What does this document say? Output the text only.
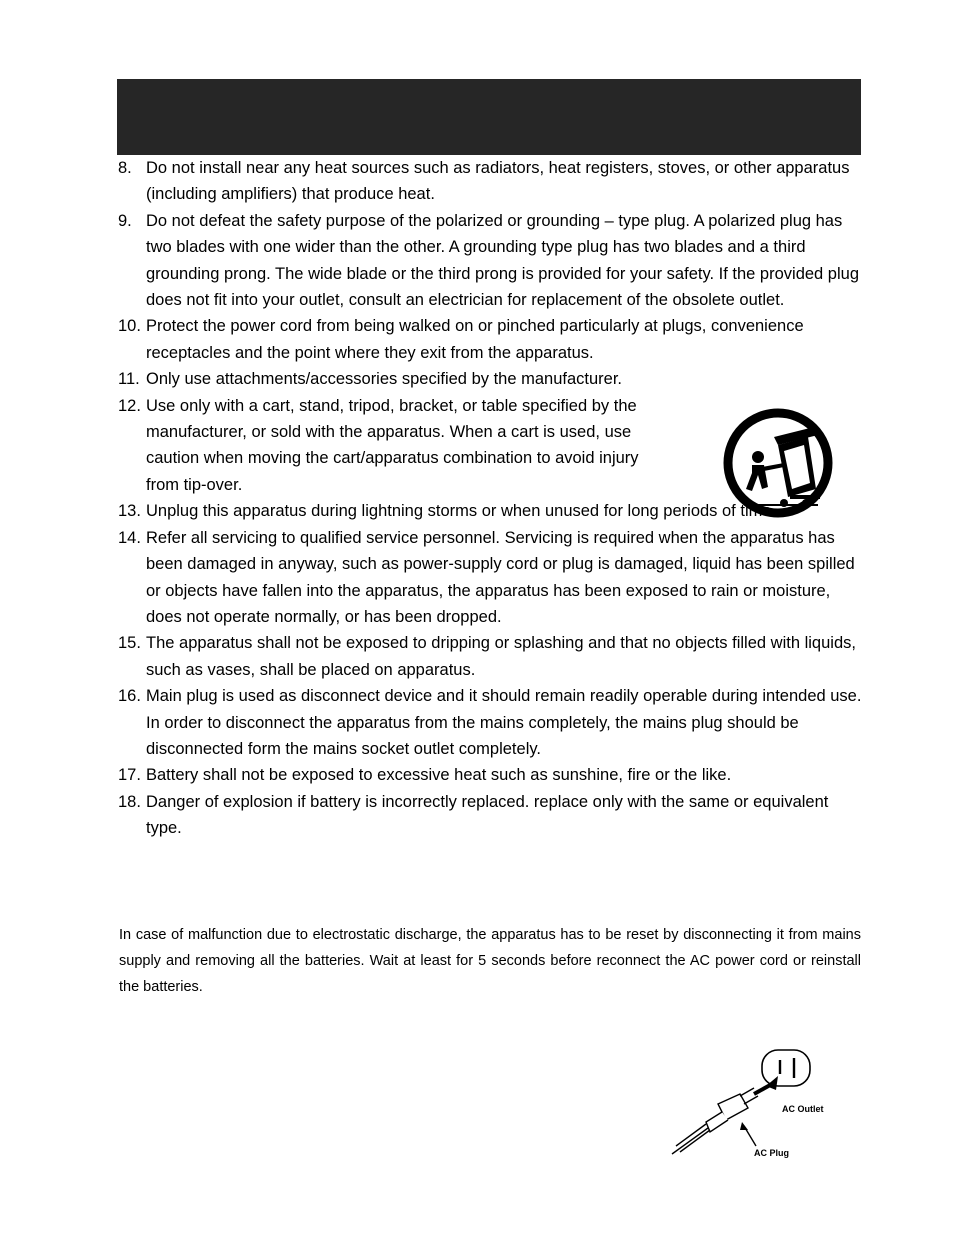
8. Do not install near any heat sources such as radiators, heat registers, stoves, or other apparatus (including amplifiers) that produce heat.
9. Do not defeat the safety purpose of the polarized or grounding – type plug. A polarized plug has two blades with one wider than the other. A grounding type plug has two blades and a third grounding prong. The wide blade or the third prong is provided for your safety. If the provided plug does not fit into your outlet, consult an electrician for replacement of the obsolete outlet.
10. Protect the power cord from being walked on or pinched particularly at plugs, convenience receptacles and the point where they exit from the apparatus.
11. Only use attachments/accessories specified by the manufacturer.
12. Use only with a cart, stand, tripod, bracket, or table specified by the manufacturer, or sold with the apparatus. When a cart is used, use caution when moving the cart/apparatus combination to avoid injury from tip-over.
13. Unplug this apparatus during lightning storms or when unused for long periods of time.
14. Refer all servicing to qualified service personnel. Servicing is required when the apparatus has been damaged in anyway, such as power-supply cord or plug is damaged, liquid has been spilled or objects have fallen into the apparatus, the apparatus has been exposed to rain or moisture, does not operate normally, or has been dropped.
15. The apparatus shall not be exposed to dripping or splashing and that no objects filled with liquids, such as vases, shall be placed on apparatus.
16. Main plug is used as disconnect device and it should remain readily operable during intended use. In order to disconnect the apparatus from the mains completely, the mains plug should be disconnected form the mains socket outlet completely.
17. Battery shall not be exposed to excessive heat such as sunshine, fire or the like.
18. Danger of explosion if battery is incorrectly replaced. replace only with the same or equivalent type.

In case of malfunction due to electrostatic discharge, the apparatus has to be reset by disconnecting it from mains supply and removing all the batteries. Wait at least for 5 seconds before reconnect the AC power cord or reinstall the batteries.

AC Outlet
AC Plug
